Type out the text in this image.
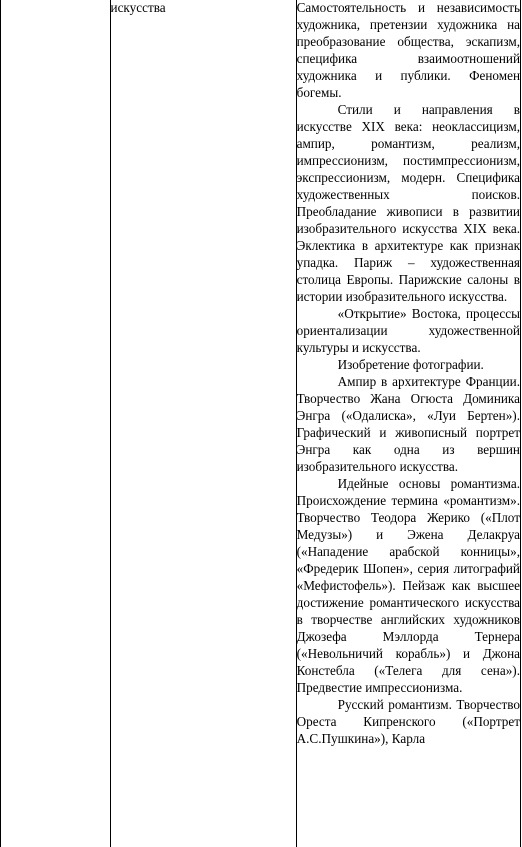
	искусства	Самостоятельность и независимость художника, претензии художника на преобразование общества, эскапизм, специфика взаимоотношений художника и публики. Феномен богемы.

Стили и направления в искусстве XIX века: неоклассицизм, ампир, романтизм, реализм, импрессионизм, постимпрессионизм, экспрессионизм, модерн. Специфика художественных поисков. Преобладание живописи в развитии изобразительного искусства XIX века. Эклектика в архитектуре как признак упадка. Париж – художественная столица Европы. Парижские салоны в истории изобразительного искусства.

«Открытие» Востока, процессы ориентализации художественной культуры и искусства.

Изобретение фотографии.

Ампир в архитектуре Франции. Творчество Жана Огюста Доминика Энгра («Одалиска», «Луи Бертен»). Графический и живописный портрет Энгра как одна из вершин изобразительного искусства.

Идейные основы романтизма. Происхождение термина «романтизм». Творчество Теодора Жерико («Плот Медузы») и Эжена Делакруа («Нападение арабской конницы», «Фредерик Шопен», серия литографий «Мефистофель»). Пейзаж как высшее достижение романтического искусства в творчестве английских художников Джозефа Мэллорда Тернера («Невольничий корабль») и Джона Констебла («Телега для сена»). Предвестие импрессионизма.

Русский романтизм. Творчество Ореста Кипренского («Портрет А.С.Пушкина»), Карла
